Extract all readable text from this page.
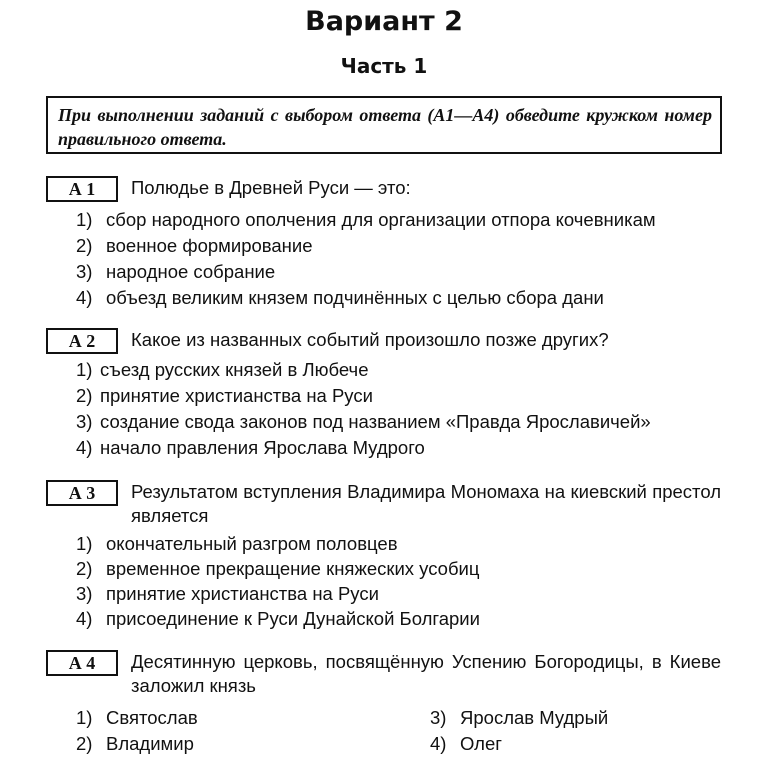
Вариант 2
Часть 1
При выполнении заданий с выбором ответа (А1—А4) обведите кружком номер правильного ответа.
А 1	Полюдье в Древней Руси — это:
1) сбор народного ополчения для организации отпора кочевникам
2) военное формирование
3) народное собрание
4) объезд великим князем подчинённых с целью сбора дани
А 2	Какое из названных событий произошло позже других?
1) съезд русских князей в Любече
2) принятие христианства на Руси
3) создание свода законов под названием «Правда Ярославичей»
4) начало правления Ярослава Мудрого
А 3	Результатом вступления Владимира Мономаха на киевский престол является
1) окончательный разгром половцев
2) временное прекращение княжеских усобиц
3) принятие христианства на Руси
4) присоединение к Руси Дунайской Болгарии
А 4	Десятинную церковь, посвящённую Успению Богородицы, в Киеве заложил князь
1) Святослав
2) Владимир
3) Ярослав Мудрый
4) Олег
